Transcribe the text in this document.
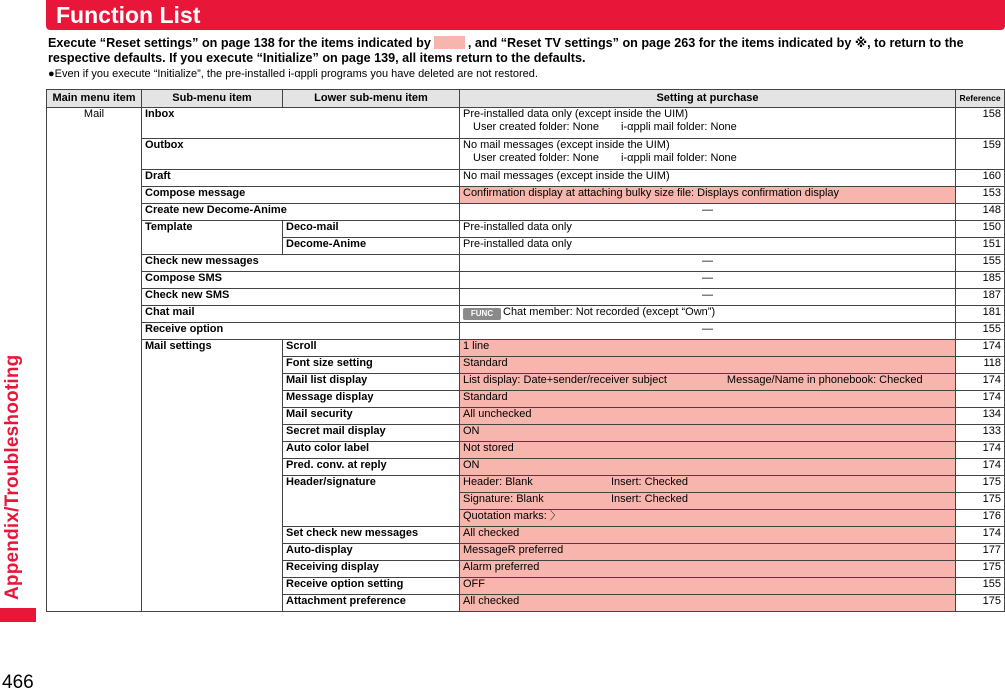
Appendix/Troubleshooting
466
Function List
Execute “Reset settings” on page 138 for the items indicated by	, and “Reset TV settings” on page 263 for the items indicated by ※, to return to the respective defaults. If you execute “Initialize” on page 139, all items return to the defaults.
●Even if you execute “Initialize”, the pre-installed i-αppli programs you have deleted are not restored.
Main menu item	Sub-menu item	Lower sub-menu item	Setting at purchase	Reference
Mail	Inbox		Pre-installed data only (except inside the UIM)
User created folder: None i-αppli mail folder: None	158
	Outbox		No mail messages (except inside the UIM)
User created folder: None i-αppli mail folder: None	159
	Draft		No mail messages (except inside the UIM)	160
	Compose message		Confirmation display at attaching bulky size file: Displays confirmation display	153
	Create new Decome-Anime		—	148
	Template	Deco-mail	Pre-installed data only	150
		Decome-Anime	Pre-installed data only	151
	Check new messages		—	155
	Compose SMS		—	185
	Check new SMS		—	187
	Chat mail		FUNC Chat member: Not recorded (except “Own”)	181
	Receive option		—	155
	Mail settings	Scroll	1 line	174
		Font size setting	Standard	118
		Mail list display	List display: Date+sender/receiver subject Message/Name in phonebook: Checked	174
		Message display	Standard	174
		Mail security	All unchecked	134
		Secret mail display	ON	133
		Auto color label	Not stored	174
		Pred. conv. at reply	ON	174
		Header/signature	Header: Blank Insert: Checked	175
			Signature: Blank Insert: Checked	175
			Quotation marks: 〉	176
		Set check new messages	All checked	174
		Auto-display	MessageR preferred	177
		Receiving display	Alarm preferred	175
		Receive option setting	OFF	155
		Attachment preference	All checked	175
